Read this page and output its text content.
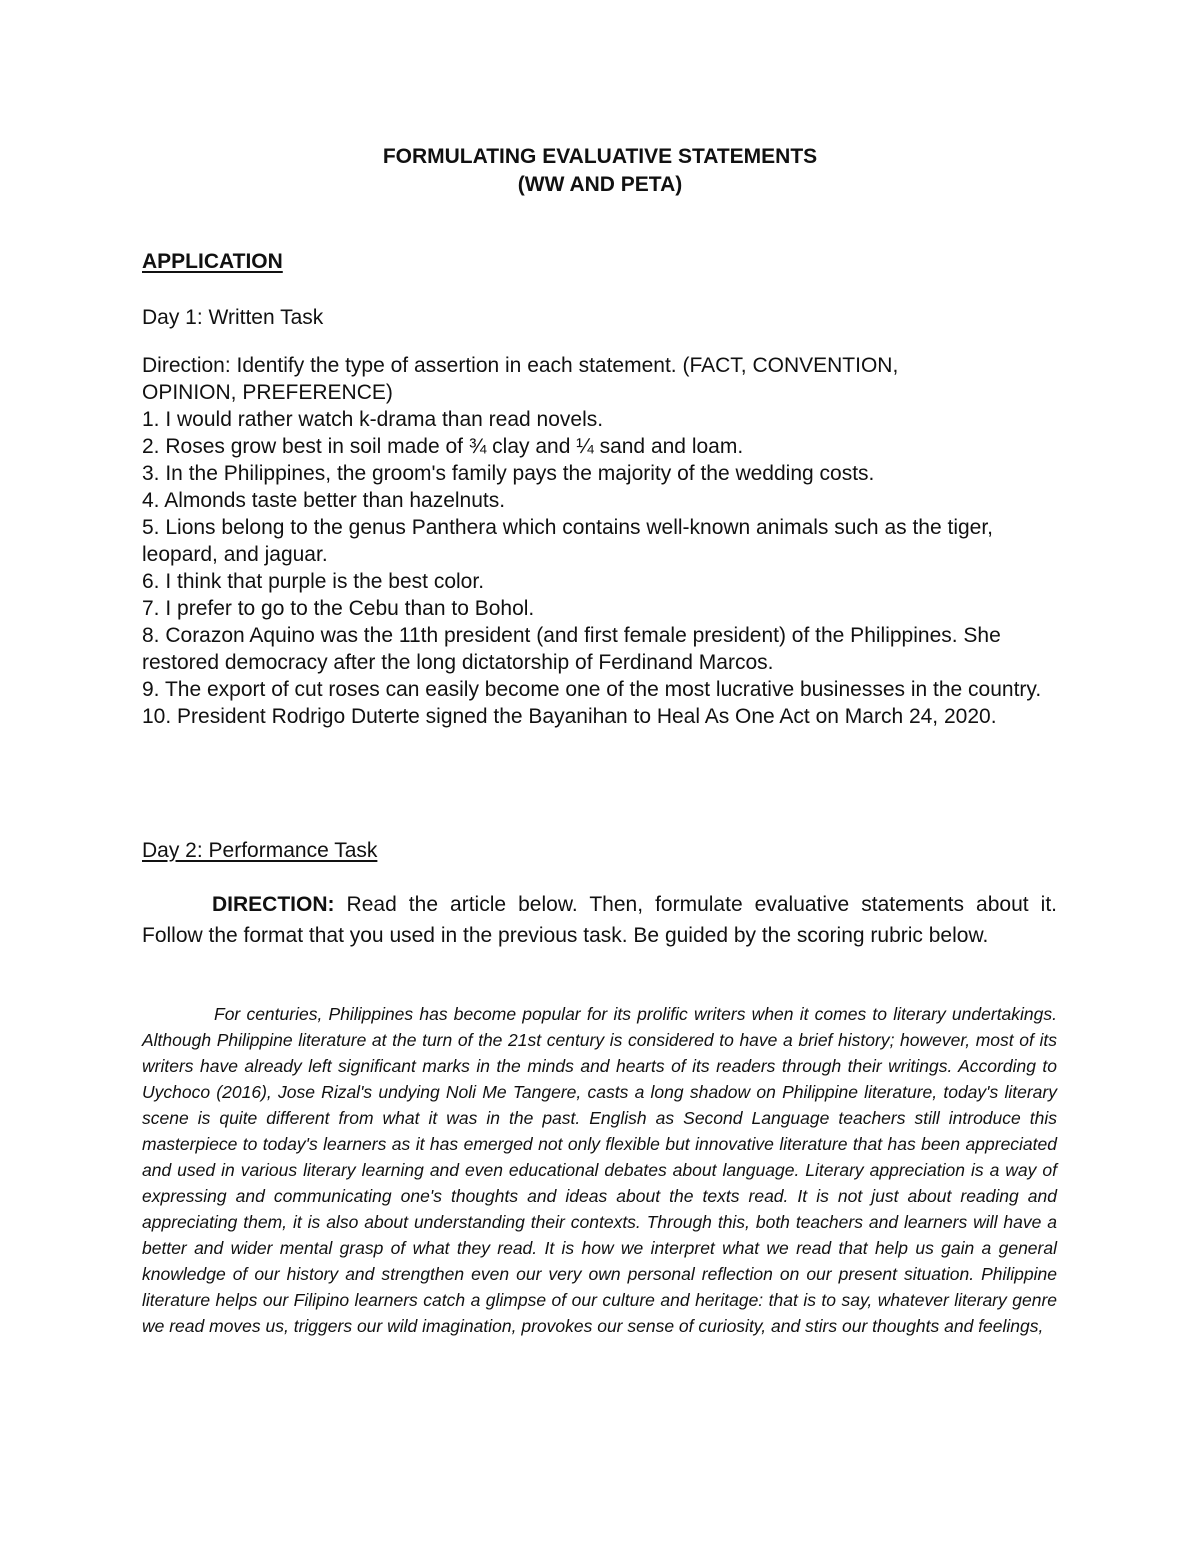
FORMULATING EVALUATIVE STATEMENTS
(WW AND PETA)
APPLICATION
Day 1: Written Task

Direction: Identify the type of assertion in each statement. (FACT, CONVENTION,

OPINION, PREFERENCE)

1. I would rather watch k-drama than read novels.

2. Roses grow best in soil made of ¾ clay and ¼ sand and loam.

3. In the Philippines, the groom's family pays the majority of the wedding costs.

4. Almonds taste better than hazelnuts.

5. Lions belong to the genus Panthera which contains well-known animals such as the tiger, leopard, and jaguar.

6. I think that purple is the best color.

7. I prefer to go to the Cebu than to Bohol.

8. Corazon Aquino was the 11th president (and first female president) of the Philippines. She restored democracy after the long dictatorship of Ferdinand Marcos.

9. The export of cut roses can easily become one of the most lucrative businesses in the country.

10. President Rodrigo Duterte signed the Bayanihan to Heal As One Act on March 24, 2020.

Day 2: Performance Task

DIRECTION: Read the article below. Then, formulate evaluative statements about it. Follow the format that you used in the previous task. Be guided by the scoring rubric below.

For centuries, Philippines has become popular for its prolific writers when it comes to literary undertakings. Although Philippine literature at the turn of the 21st century is considered to have a brief history; however, most of its writers have already left significant marks in the minds and hearts of its readers through their writings. According to Uychoco (2016), Jose Rizal's undying Noli Me Tangere, casts a long shadow on Philippine literature, today's literary scene is quite different from what it was in the past. English as Second Language teachers still introduce this masterpiece to today's learners as it has emerged not only flexible but innovative literature that has been appreciated and used in various literary learning and even educational debates about language. Literary appreciation is a way of expressing and communicating one's thoughts and ideas about the texts read. It is not just about reading and appreciating them, it is also about understanding their contexts. Through this, both teachers and learners will have a better and wider mental grasp of what they read. It is how we interpret what we read that help us gain a general knowledge of our history and strengthen even our very own personal reflection on our present situation. Philippine literature helps our Filipino learners catch a glimpse of our culture and heritage: that is to say, whatever literary genre we read moves us, triggers our wild imagination, provokes our sense of curiosity, and stirs our thoughts and feelings,
